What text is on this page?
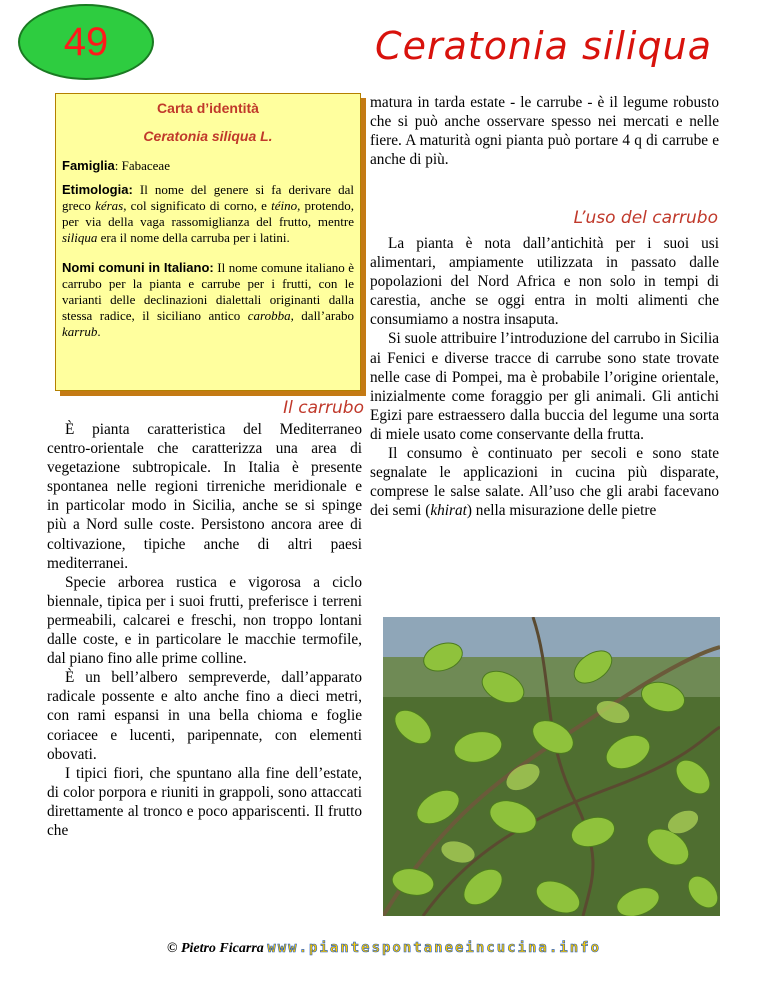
49	Ceratonia siliqua
Carta d’identità
Ceratonia siliqua L.

Famiglia: Fabaceae

Etimologia: Il nome del genere si fa derivare dal greco kéras, col significato di corno, e téino, protendo, per via della vaga rassomiglianza del frutto, mentre siliqua era il nome della carruba per i latini.

Nomi comuni in Italiano: Il nome comune italiano è carrubo per la pianta e carrube per i frutti, con le varianti delle declinazioni dialettali originanti dalla stessa radice, il siciliano antico carobba, dall’arabo karrub.

Il carrubo

È pianta caratteristica del Mediterraneo centro-orientale che caratterizza una area di vegetazione subtropicale. In Italia è presente spontanea nelle regioni tirreniche meridionale e in particolar modo in Sicilia, anche se si spinge più a Nord sulle coste. Persistono ancora aree di coltivazione, tipiche anche di altri paesi mediterranei.

Specie arborea rustica e vigorosa a ciclo biennale, tipica per i suoi frutti, preferisce i terreni permeabili, calcarei e freschi, non troppo lontani dalle coste, e in particolare le macchie termofile, dal piano fino alle prime colline.

È un bell’albero sempreverde, dall’apparato radicale possente e alto anche fino a dieci metri, con rami espansi in una bella chioma e foglie coriacee e lucenti, paripennate, con elementi obovati.

I tipici fiori, che spuntano alla fine dell’estate, di color porpora e riuniti in grappoli, sono attaccati direttamente al tronco e poco appariscenti. Il frutto che

matura in tarda estate - le carrube - è il legume robusto che si può anche osservare spesso nei mercati e nelle fiere. A maturità ogni pianta può portare 4 q di carrube e anche di più.

L’uso del carrubo

La pianta è nota dall’antichità per i suoi usi alimentari, ampiamente utilizzata in passato dalle popolazioni del Nord Africa e non solo in tempi di carestia, anche se oggi entra in molti alimenti che consumiamo a nostra insaputa.

Si suole attribuire l’introduzione del carrubo in Sicilia ai Fenici e diverse tracce di carrube sono state trovate nelle case di Pompei, ma è probabile l’origine orientale, inizialmente come foraggio per gli animali. Gli antichi Egizi pare estraessero dalla buccia del legume una sorta di miele usato come conservante della frutta.

Il consumo è continuato per secoli e sono state segnalate le applicazioni in cucina più disparate, comprese le salse salate. All’uso che gli arabi facevano dei semi (khirat) nella misurazione delle pietre

© Pietro Ficarra www.piantespontaneeincucina.info
